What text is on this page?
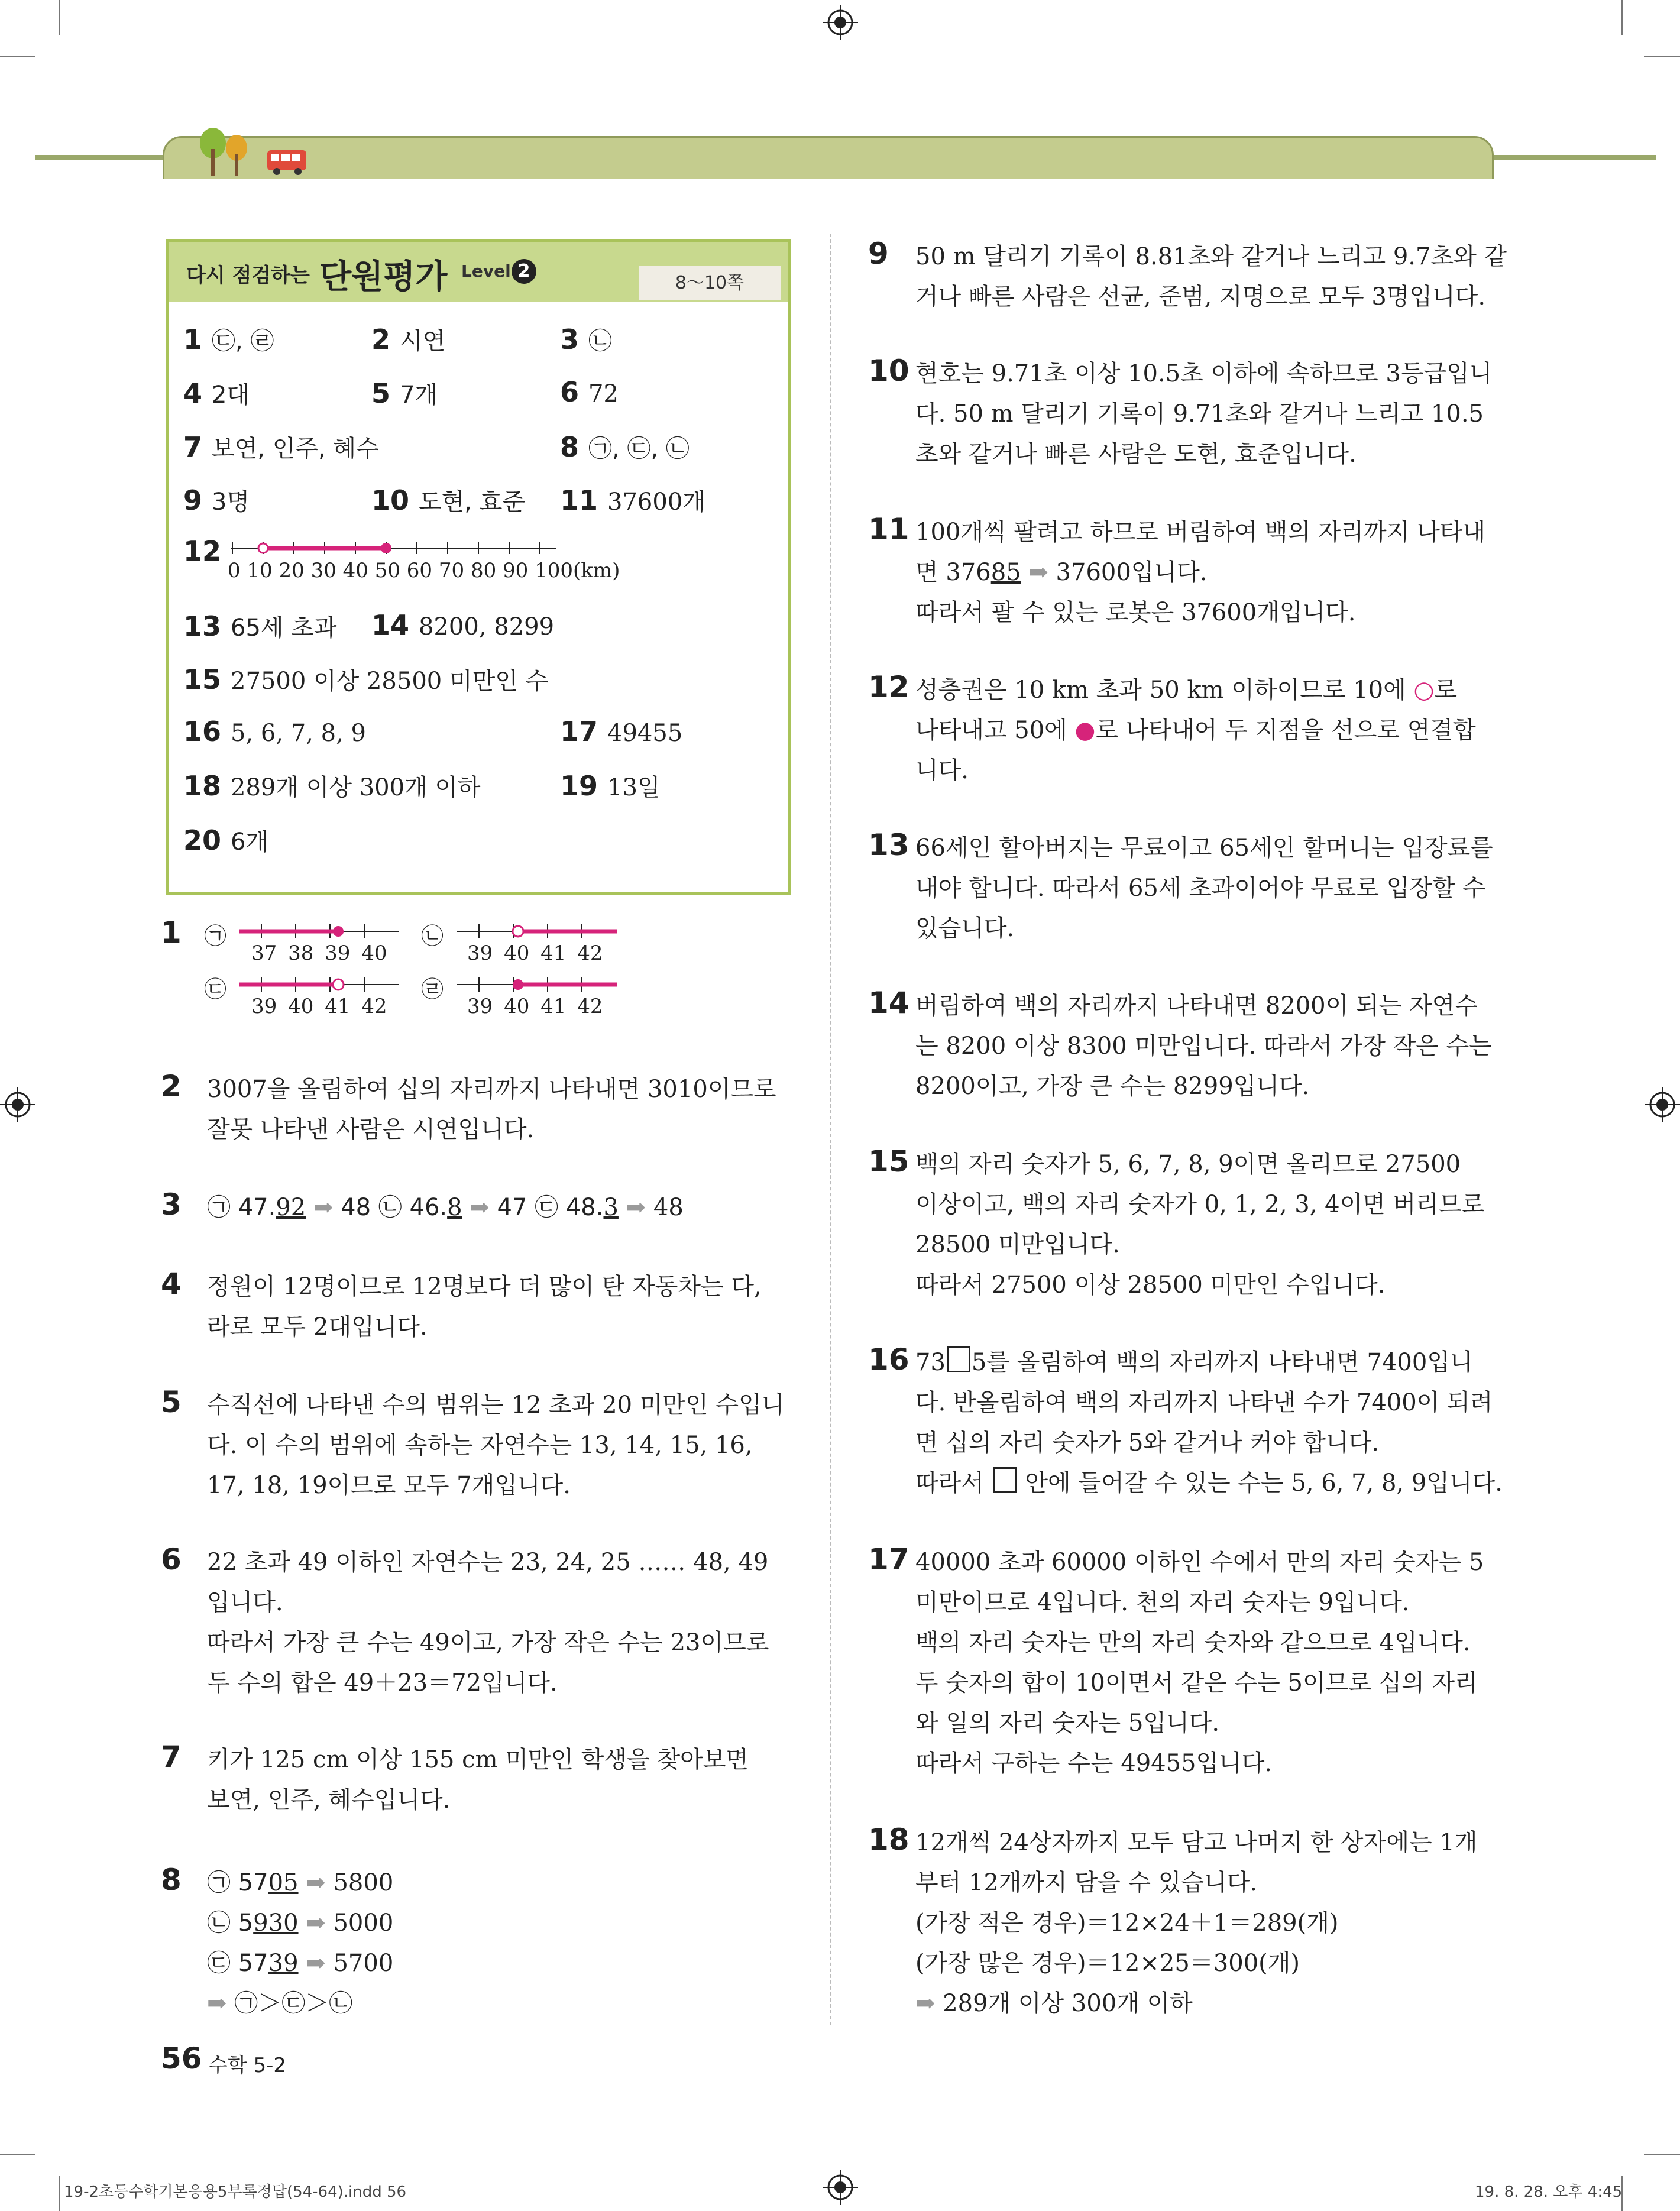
다시 점검하는 단원평가 Level 2
8～10쪽
1 ㉢, ㉣	2 시연	3 ㉡
4 2대	5 7개	6 72
7 보연, 인주, 혜수	8 ㉠, ㉢, ㉡
9 3명	10 도현, 효준 11 37600개
12
0 10 20 30 40 50 60 70 80 90 100(km)
13 65세 초과 14 8200, 8299
15 27500 이상 28500 미만인 수
16 5, 6, 7, 8, 9	17 49455
18 289개 이상 300개 이하	19 13일
20 6개
1 ㉠
37 38 39 40
㉡
39 40 41 42
㉢
39 40 41 42
㉣
39 40 41 42
2 3007을 올림하여 십의 자리까지 나타내면 3010이므로

잘못 나타낸 사람은 시연입니다.

3 ㉠ 47.92 ➡ 48 ㉡ 46.8 ➡ 47 ㉢ 48.3 ➡ 48

4 정원이 12명이므로 12명보다 더 많이 탄 자동차는 다,

라로 모두 2대입니다.

5 수직선에 나타낸 수의 범위는 12 초과 20 미만인 수입니

다. 이 수의 범위에 속하는 자연수는 13, 14, 15, 16,

17, 18, 19이므로 모두 7개입니다.

6 22 초과 49 이하인 자연수는 23, 24, 25 …… 48, 49

입니다.

따라서 가장 큰 수는 49이고, 가장 작은 수는 23이므로

두 수의 합은 49＋23＝72입니다.

7 키가 125 cm 이상 155 cm 미만인 학생을 찾아보면

보연, 인주, 혜수입니다.

8 ㉠ 5705 ➡ 5800

㉡ 5930 ➡ 5000

㉢ 5739 ➡ 5700

➡ ㉠＞㉢＞㉡

9 50 m 달리기 기록이 8.81초와 같거나 느리고 9.7초와 같

거나 빠른 사람은 선균, 준범, 지명으로 모두 3명입니다.

10 현호는 9.71초 이상 10.5초 이하에 속하므로 3등급입니

다. 50 m 달리기 기록이 9.71초와 같거나 느리고 10.5

초와 같거나 빠른 사람은 도현, 효준입니다.

11 100개씩 팔려고 하므로 버림하여 백의 자리까지 나타내

면 37685 ➡ 37600입니다.

따라서 팔 수 있는 로봇은 37600개입니다.

12 성층권은 10 km 초과 50 km 이하이므로 10에 ○로

나타내고 50에 ●로 나타내어 두 지점을 선으로 연결합

니다.

13 66세인 할아버지는 무료이고 65세인 할머니는 입장료를

내야 합니다. 따라서 65세 초과이어야 무료로 입장할 수

있습니다.

14 버림하여 백의 자리까지 나타내면 8200이 되는 자연수

는 8200 이상 8300 미만입니다. 따라서 가장 작은 수는

8200이고, 가장 큰 수는 8299입니다.

15 백의 자리 숫자가 5, 6, 7, 8, 9이면 올리므로 27500

이상이고, 백의 자리 숫자가 0, 1, 2, 3, 4이면 버리므로

28500 미만입니다.

따라서 27500 이상 28500 미만인 수입니다.

16 73 5를 올림하여 백의 자리까지 나타내면 7400입니

다. 반올림하여 백의 자리까지 나타낸 수가 7400이 되려

면 십의 자리 숫자가 5와 같거나 커야 합니다.

따라서  안에 들어갈 수 있는 수는 5, 6, 7, 8, 9입니다.

17 40000 초과 60000 이하인 수에서 만의 자리 숫자는 5

미만이므로 4입니다. 천의 자리 숫자는 9입니다.

백의 자리 숫자는 만의 자리 숫자와 같으므로 4입니다.

두 숫자의 합이 10이면서 같은 수는 5이므로 십의 자리

와 일의 자리 숫자는 5입니다.

따라서 구하는 수는 49455입니다.

18 12개씩 24상자까지 모두 담고 나머지 한 상자에는 1개

부터 12개까지 담을 수 있습니다.

(가장 적은 경우)＝12×24＋1＝289(개)

(가장 많은 경우)＝12×25＝300(개)

➡ 289개 이상 300개 이하

56 수학 5-2
19-2초등수학기본응용5부록정답(54-64).indd 56	19. 8. 28. 오후 4:45
